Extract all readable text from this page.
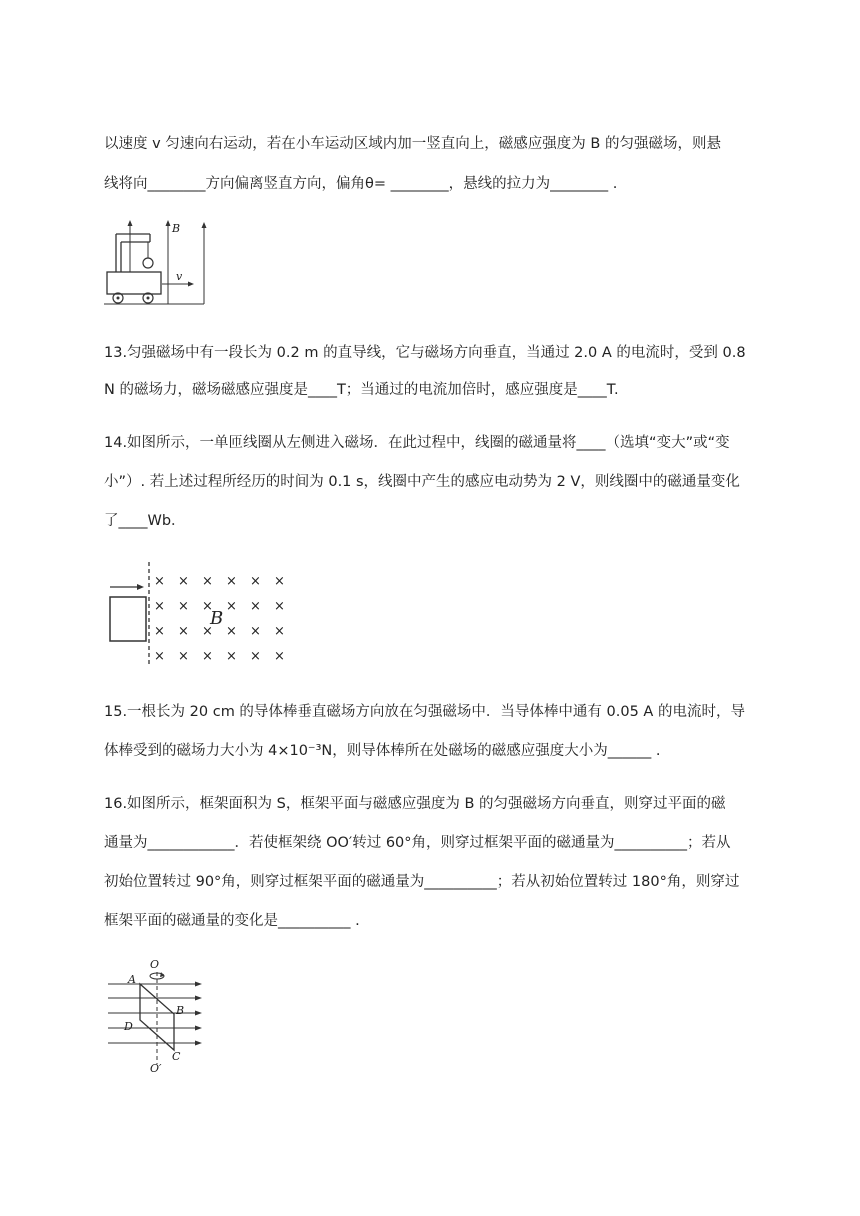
以速度 v 匀速向右运动，若在小车运动区域内加一竖直向上，磁感应强度为 B 的匀强磁场，则悬
线将向________方向偏离竖直方向，偏角θ= ________，悬线的拉力为________ .
B
v
13.匀强磁场中有一段长为 0.2 m 的直导线，它与磁场方向垂直，当通过 2.0 A 的电流时，受到 0.8
N 的磁场力，磁场磁感应强度是____T；当通过的电流加倍时，感应强度是____T.
14.如图所示，一单匝线圈从左侧进入磁场．在此过程中，线圈的磁通量将____（选填“变大”或“变
小”）. 若上述过程所经历的时间为 0.1 s，线圈中产生的感应电动势为 2 V，则线圈中的磁通量变化
了____Wb．
× × × × × ×
× × × × × ×
× × × × × ×
× × × × × ×
B
15.一根长为 20 cm 的导体棒垂直磁场方向放在匀强磁场中．当导体棒中通有 0.05 A 的电流时，导
体棒受到的磁场力大小为 4×10⁻³N，则导体棒所在处磁场的磁感应强度大小为______ .
16.如图所示，框架面积为 S，框架平面与磁感应强度为 B 的匀强磁场方向垂直，则穿过平面的磁
通量为____________．若使框架绕 OO′转过 60°角，则穿过框架平面的磁通量为__________；若从
初始位置转过 90°角，则穿过框架平面的磁通量为__________；若从初始位置转过 180°角，则穿过
框架平面的磁通量的变化是__________ .
A
B
C
D
O
O′
